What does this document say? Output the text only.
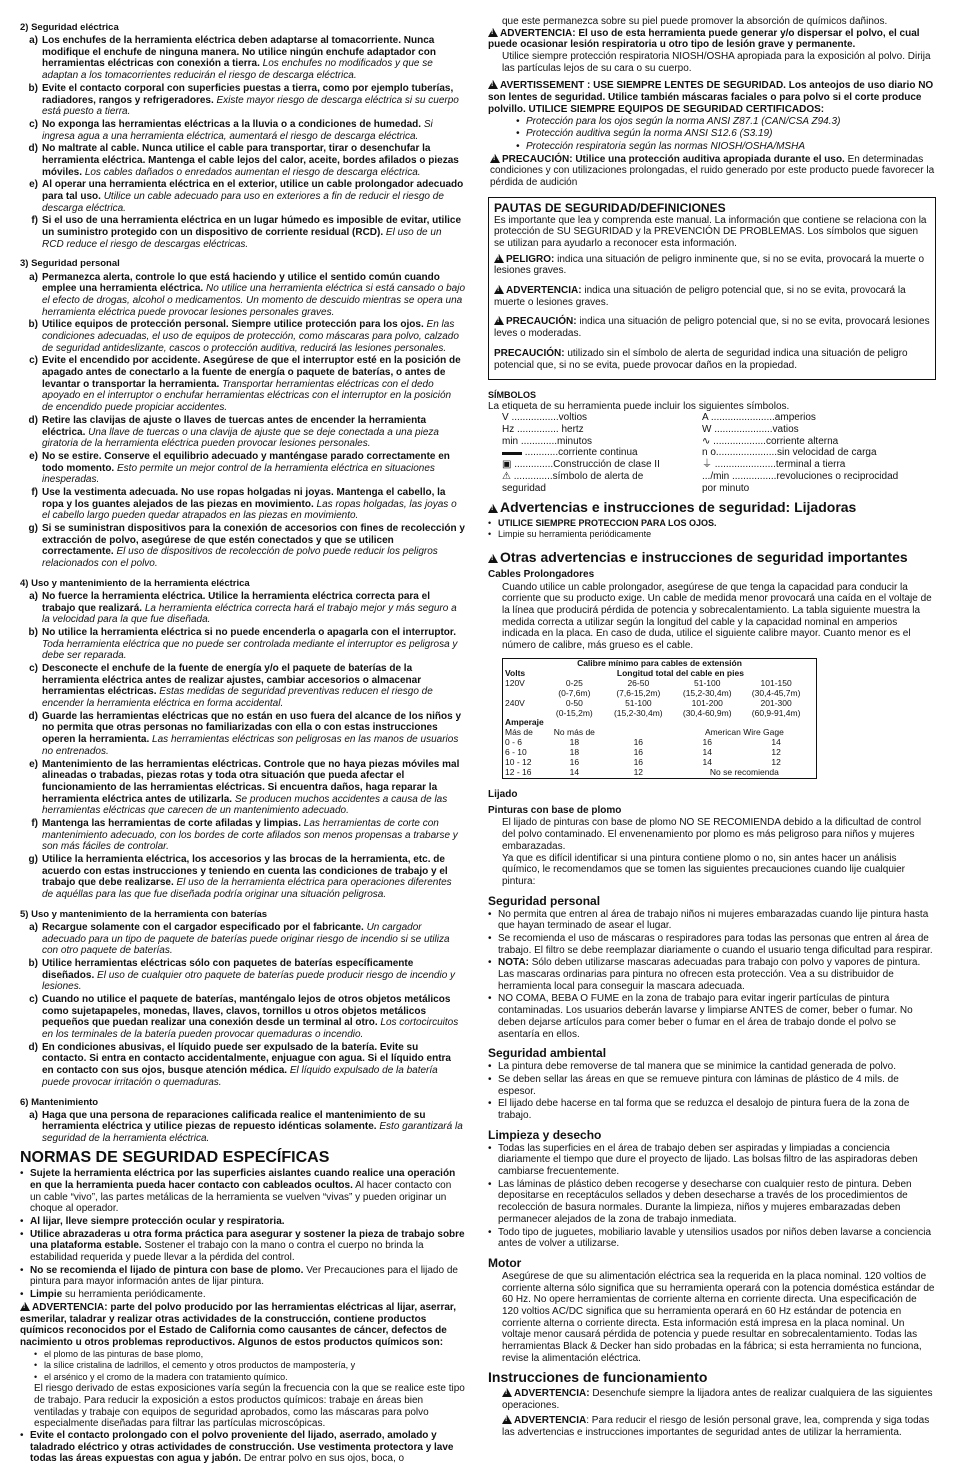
2) Seguridad eléctrica
a) Los enchufes de la herramienta eléctrica deben adaptarse al tomacorriente. Nunca modifique el enchufe de ninguna manera. No utilice ningún enchufe adaptador con herramientas eléctricas con conexión a tierra. Los enchufes no modificados y que se adaptan a los tomacorrientes reducirán el riesgo de descarga eléctrica.
b) Evite el contacto corporal con superficies puestas a tierra, como por ejemplo tuberías, radiadores, rangos y refrigeradores. Existe mayor riesgo de descarga eléctrica si su cuerpo está puesto a tierra.
c) No exponga las herramientas eléctricas a la lluvia o a condiciones de humedad. Si ingresa agua a una herramienta eléctrica, aumentará el riesgo de descarga eléctrica.
d) No maltrate al cable. Nunca utilice el cable para transportar, tirar o desenchufar la herramienta eléctrica. Mantenga el cable lejos del calor, aceite, bordes afilados o piezas móviles. Los cables dañados o enredados aumentan el riesgo de descarga eléctrica.
e) Al operar una herramienta eléctrica en el exterior, utilice un cable prolongador adecuado para tal uso. Utilice un cable adecuado para uso en exteriores a fin de reducir el riesgo de descarga eléctrica.
f) Si el uso de una herramienta eléctrica en un lugar húmedo es imposible de evitar, utilice un suministro protegido con un dispositivo de corriente residual (RCD). El uso de un RCD reduce el riesgo de descargas eléctricas.
3) Seguridad personal
a) Permanezca alerta, controle lo que está haciendo y utilice el sentido común cuando emplee una herramienta eléctrica. No utilice una herramienta eléctrica si está cansado o bajo el efecto de drogas, alcohol o medicamentos. Un momento de descuido mientras se opera una herramienta eléctrica puede provocar lesiones personales graves.
b) Utilice equipos de protección personal. Siempre utilice protección para los ojos. En las condiciones adecuadas, el uso de equipos de protección, como máscaras para polvo, calzado de seguridad antideslizante, cascos o protección auditiva, reducirá las lesiones personales.
c) Evite el encendido por accidente. Asegúrese de que el interruptor esté en la posición de apagado antes de conectarlo a la fuente de energía o paquete de baterías, o antes de levantar o transportar la herramienta. Transportar herramientas eléctricas con el dedo apoyado en el interruptor o enchufar herramientas eléctricas con el interruptor en la posición de encendido puede propiciar accidentes.
d) Retire las clavijas de ajuste o llaves de tuercas antes de encender la herramienta eléctrica. Una llave de tuercas o una clavija de ajuste que se deje conectada a una pieza giratoria de la herramienta eléctrica pueden provocar lesiones personales.
e) No se estire. Conserve el equilibrio adecuado y manténgase parado correctamente en todo momento. Esto permite un mejor control de la herramienta eléctrica en situaciones inesperadas.
f) Use la vestimenta adecuada. No use ropas holgadas ni joyas. Mantenga el cabello, la ropa y los guantes alejados de las piezas en movimiento. Las ropas holgadas, las joyas o el cabello largo pueden quedar atrapados en las piezas en movimiento.
g) Si se suministran dispositivos para la conexión de accesorios con fines de recolección y extracción de polvo, asegúrese de que estén conectados y que se utilicen correctamente. El uso de dispositivos de recolección de polvo puede reducir los peligros relacionados con el polvo.
4) Uso y mantenimiento de la herramienta eléctrica
a) No fuerce la herramienta eléctrica. Utilice la herramienta eléctrica correcta para el trabajo que realizará. La herramienta eléctrica correcta hará el trabajo mejor y más seguro a la velocidad para la que fue diseñada.
b) No utilice la herramienta eléctrica si no puede encenderla o apagarla con el interruptor. Toda herramienta eléctrica que no puede ser controlada mediante el interruptor es peligrosa y debe ser reparada.
c) Desconecte el enchufe de la fuente de energía y/o el paquete de baterías de la herramienta eléctrica antes de realizar ajustes, cambiar accesorios o almacenar herramientas eléctricas. Estas medidas de seguridad preventivas reducen el riesgo de encender la herramienta eléctrica en forma accidental.
d) Guarde las herramientas eléctricas que no están en uso fuera del alcance de los niños y no permita que otras personas no familiarizadas con ella o con estas instrucciones operen la herramienta. Las herramientas eléctricas son peligrosas en las manos de usuarios no entrenados.
e) Mantenimiento de las herramientas eléctricas. Controle que no haya piezas móviles mal alineadas o trabadas, piezas rotas y toda otra situación que pueda afectar el funcionamiento de las herramientas eléctricas. Si encuentra daños, haga reparar la herramienta eléctrica antes de utilizarla. Se producen muchos accidentes a causa de las herramientas eléctricas que carecen de un mantenimiento adecuado.
f) Mantenga las herramientas de corte afiladas y limpias. Las herramientas de corte con mantenimiento adecuado, con los bordes de corte afilados son menos propensas a trabarse y son más fáciles de controlar.
g) Utilice la herramienta eléctrica, los accesorios y las brocas de la herramienta, etc. de acuerdo con estas instrucciones y teniendo en cuenta las condiciones de trabajo y el trabajo que debe realizarse. El uso de la herramienta eléctrica para operaciones diferentes de aquéllas para las que fue diseñada podría originar una situación peligrosa.
5) Uso y mantenimiento de la herramienta con baterías
a) Recargue solamente con el cargador especificado por el fabricante. Un cargador adecuado para un tipo de paquete de baterías puede originar riesgo de incendio si se utiliza con otro paquete de baterías.
b) Utilice herramientas eléctricas sólo con paquetes de baterías específicamente diseñados. El uso de cualquier otro paquete de baterías puede producir riesgo de incendio y lesiones.
c) Cuando no utilice el paquete de baterías, manténgalo lejos de otros objetos metálicos como sujetapapeles, monedas, llaves, clavos, tornillos u otros objetos metálicos pequeños que puedan realizar una conexión desde un terminal al otro. Los cortocircuitos en los terminales de la batería pueden provocar quemaduras o incendio.
d) En condiciones abusivas, el líquido puede ser expulsado de la batería. Evite su contacto. Si entra en contacto accidentalmente, enjuague con agua. Si el líquido entra en contacto con sus ojos, busque atención médica. El líquido expulsado de la batería puede provocar irritación o quemaduras.
6) Mantenimiento
a) Haga que una persona de reparaciones calificada realice el mantenimiento de su herramienta eléctrica y utilice piezas de repuesto idénticas solamente. Esto garantizará la seguridad de la herramienta eléctrica.
NORMAS DE SEGURIDAD ESPECÍFICAS
• Sujete la herramienta eléctrica por las superficies aislantes cuando realice una operación en que la herramienta pueda hacer contacto con cableados ocultos. Al hacer contacto con un cable “vivo”, las partes metálicas de la herramienta se vuelven “vivas” y pueden originar un choque al operador.
• Al lijar, lleve siempre protección ocular y respiratoria.
• Utilice abrazaderas u otra forma práctica para asegurar y sostener la pieza de trabajo sobre una plataforma estable. Sostener el trabajo con la mano o contra el cuerpo no brinda la estabilidad requerida y puede llevar a la pérdida del control.
• No se recomienda el lijado de pintura con base de plomo. Ver Precauciones para el lijado de pintura para mayor información antes de lijar pintura.
• Limpie su herramienta periódicamente.
!ADVERTENCIA: parte del polvo producido por las herramientas eléctricas al lijar, aserrar, esmerilar, taladrar y realizar otras actividades de la construcción, contiene productos químicos reconocidos por el Estado de California como causantes de cáncer, defectos de nacimiento u otros problemas reproductivos. Algunos de estos productos químicos son:
• el plomo de las pinturas de base plomo,
• la sílice cristalina de ladrillos, el cemento y otros productos de mampostería, y
• el arsénico y el cromo de la madera con tratamiento químico.
El riesgo derivado de estas exposiciones varía según la frecuencia con la que se realice este tipo de trabajo. Para reducir la exposición a estos productos químicos: trabaje en áreas bien ventiladas y trabaje con equipos de seguridad aprobados, como las máscaras para polvo especialmente diseñadas para filtrar las partículas microscópicas.
• Evite el contacto prolongado con el polvo proveniente del lijado, aserrado, amolado y taladrado eléctrico y otras actividades de construcción. Use vestimenta protectora y lave todas las áreas expuestas con agua y jabón. De entrar polvo en sus ojos, boca, o
que este permanezca sobre su piel puede promover la absorción de químicos dañinos.
!ADVERTENCIA: El uso de esta herramienta puede generar y/o dispersar el polvo, el cual puede ocasionar lesión respiratoria u otro tipo de lesión grave y permanente.
Utilice siempre protección respiratoria NIOSH/OSHA apropiada para la exposición al polvo. Dirija las partículas lejos de su cara o su cuerpo.
!AVERTISSEMENT : USE SIEMPRE LENTES DE SEGURIDAD. Los anteojos de uso diario NO son lentes de seguridad. Utilice también máscaras faciales o para polvo si el corte produce polvillo. UTILICE SIEMPRE EQUIPOS DE SEGURIDAD CERTIFICADOS:
• Protección para los ojos según la norma ANSI Z87.1 (CAN/CSA Z94.3)
• Protección auditiva según la norma ANSI S12.6 (S3.19)
• Protección respiratoria según las normas NIOSH/OSHA/MSHA
!PRECAUCIÓN: Utilice una protección auditiva apropiada durante el uso. En determinadas condiciones y con utilizaciones prolongadas, el ruido generado por este producto puede favorecer la pérdida de audición
PAUTAS DE SEGURIDAD/DEFINICIONES
Es importante que lea y comprenda este manual. La información que contiene se relaciona con la protección de SU SEGURIDAD y la PREVENCIÓN DE PROBLEMAS. Los símbolos que siguen se utilizan para ayudarlo a reconocer esta información.

!PELIGRO: indica una situación de peligro inminente que, si no se evita, provocará la muerte o lesiones graves.

!ADVERTENCIA: indica una situación de peligro potencial que, si no se evita, provocará la muerte o lesiones graves.

!PRECAUCIÓN: indica una situación de peligro potencial que, si no se evita, provocará lesiones leves o moderadas.

PRECAUCIÓN: utilizado sin el símbolo de alerta de seguridad indica una situación de peligro potencial que, si no se evita, puede provocar daños en la propiedad.

SÍMBOLOS
La etiqueta de su herramienta puede incluir los siguientes símbolos.
V .................voltios	A .......................amperios
Hz ............... hertz	W .....................vatios
min .............minutos	∿ ...................corriente alterna
▬▬ ............corriente continua	n o......................sin velocidad de carga
▣ ..............Construcción de clase II	⏚ ......................terminal a tierra
⚠ ..............símbolo de alerta de	.../min ................revoluciones o reciprocidad
seguridad	por minuto
!Advertencias e instrucciones de seguridad: Lijadoras
• UTILICE SIEMPRE PROTECCION PARA LOS OJOS.
• Limpie su herramienta periódicamente
!Otras advertencias e instrucciones de seguridad importantes
Cables Prolongadores
Cuando utilice un cable prolongador, asegúrese de que tenga la capacidad para conducir la corriente que su producto exige. Un cable de medida menor provocará una caída en el voltaje de la línea que producirá pérdida de potencia y sobrecalentamiento. La tabla siguiente muestra la medida correcta a utilizar según la longitud del cable y la capacidad nominal en amperios indicada en la placa. En caso de duda, utilice el siguiente calibre mayor. Cuanto menor es el número de calibre, más grueso es el cable.
Calibre mínimo para cables de extensión					
Volts	Longitud total del cable en pies				
120V	0-25	26-50	51-100	101-150	
	(0-7,6m)	(7,6-15,2m)	(15,2-30,4m)	(30,4-45,7m)	
240V	0-50	51-100	101-200	201-300	
	(0-15,2m)	(15,2-30,4m)	(30,4-60,9m)	(60,9-91,4m)	
Amperaje					
Más de	No más de		American Wire Gage		
0 - 6	18	16	16	14	
6 - 10	18	16	14	12	
10 - 12	16	16	14	12	
12 - 16	14	12	No se recomienda		
Lijado
Pinturas con base de plomo
El lijado de pinturas con base de plomo NO SE RECOMIENDA debido a la dificultad de control del polvo contaminado. El envenenamiento por plomo es más peligroso para niños y mujeres embarazadas.
Ya que es difícil identificar si una pintura contiene plomo o no, sin antes hacer un análisis químico, le recomendamos que se tomen las siguientes precauciones cuando lije cualquier pintura:
Seguridad personal
• No permita que entren al área de trabajo niños ni mujeres embarazadas cuando lije pintura hasta que hayan terminado de asear el lugar.
• Se recomienda el uso de máscaras o respiradores para todas las personas que entren al área de trabajo. El filtro se debe reemplazar diariamente o cuando el usuario tenga dificultad para respirar.
• NOTA: Sólo deben utilizarse mascaras adecuadas para trabajo con polvo y vapores de pintura. Las mascaras ordinarias para pintura no ofrecen esta protección. Vea a su distribuidor de herramienta local para conseguir la mascara adecuada.
• NO COMA, BEBA O FUME en la zona de trabajo para evitar ingerir partículas de pintura contaminadas. Los usuarios deberán lavarse y limpiarse ANTES de comer, beber o fumar. No deben dejarse artículos para comer beber o fumar en el área de trabajo donde el polvo se asentaría en ellos.
Seguridad ambiental
• La pintura debe removerse de tal manera que se minimice la cantidad generada de polvo.
• Se deben sellar las áreas en que se remueve pintura con láminas de plástico de 4 mils. de espesor.
• El lijado debe hacerse en tal forma que se reduzca el desalojo de pintura fuera de la zona de trabajo.
Limpieza y desecho
• Todas las superficies en el área de trabajo deben ser aspiradas y limpiadas a conciencia diariamente el tiempo que dure el proyecto de lijado. Las bolsas filtro de las aspiradoras deben cambiarse frecuentemente.
• Las láminas de plástico deben recogerse y desecharse con cualquier resto de pintura. Deben depositarse en receptáculos sellados y deben desecharse a través de los procedimientos de recolección de basura normales. Durante la limpieza, niños y mujeres embarazadas deben permanecer alejados de la zona de trabajo inmediata.
• Todo tipo de juguetes, mobiliario lavable y utensilios usados por niños deben lavarse a conciencia antes de volver a utilizarse.
Motor
Asegúrese de que su alimentación eléctrica sea la requerida en la placa nominal. 120 voltios de corriente alterna sólo significa que su herramienta operará con la potencia doméstica estándar de 60 Hz. No opere herramientas de corriente alterna en corriente directa. Una especificación de 120 voltios AC/DC significa que su herramienta operará en 60 Hz estándar de potencia en corriente alterna o corriente directa. Esta información está impresa en la placa nominal. Un voltaje menor causará pérdida de potencia y puede resultar en sobrecalentamiento. Todas las herramientas Black & Decker han sido probadas en la fábrica; si esta herramienta no funciona, revise la alimentación eléctrica.
Instrucciones de funcionamiento
!ADVERTENCIA: Desenchufe siempre la lijadora antes de realizar cualquiera de las siguientes operaciones.
!ADVERTENCIA: Para reducir el riesgo de lesión personal grave, lea, comprenda y siga todas las advertencias e instrucciones importantes de seguridad antes de utilizar la herramienta.
